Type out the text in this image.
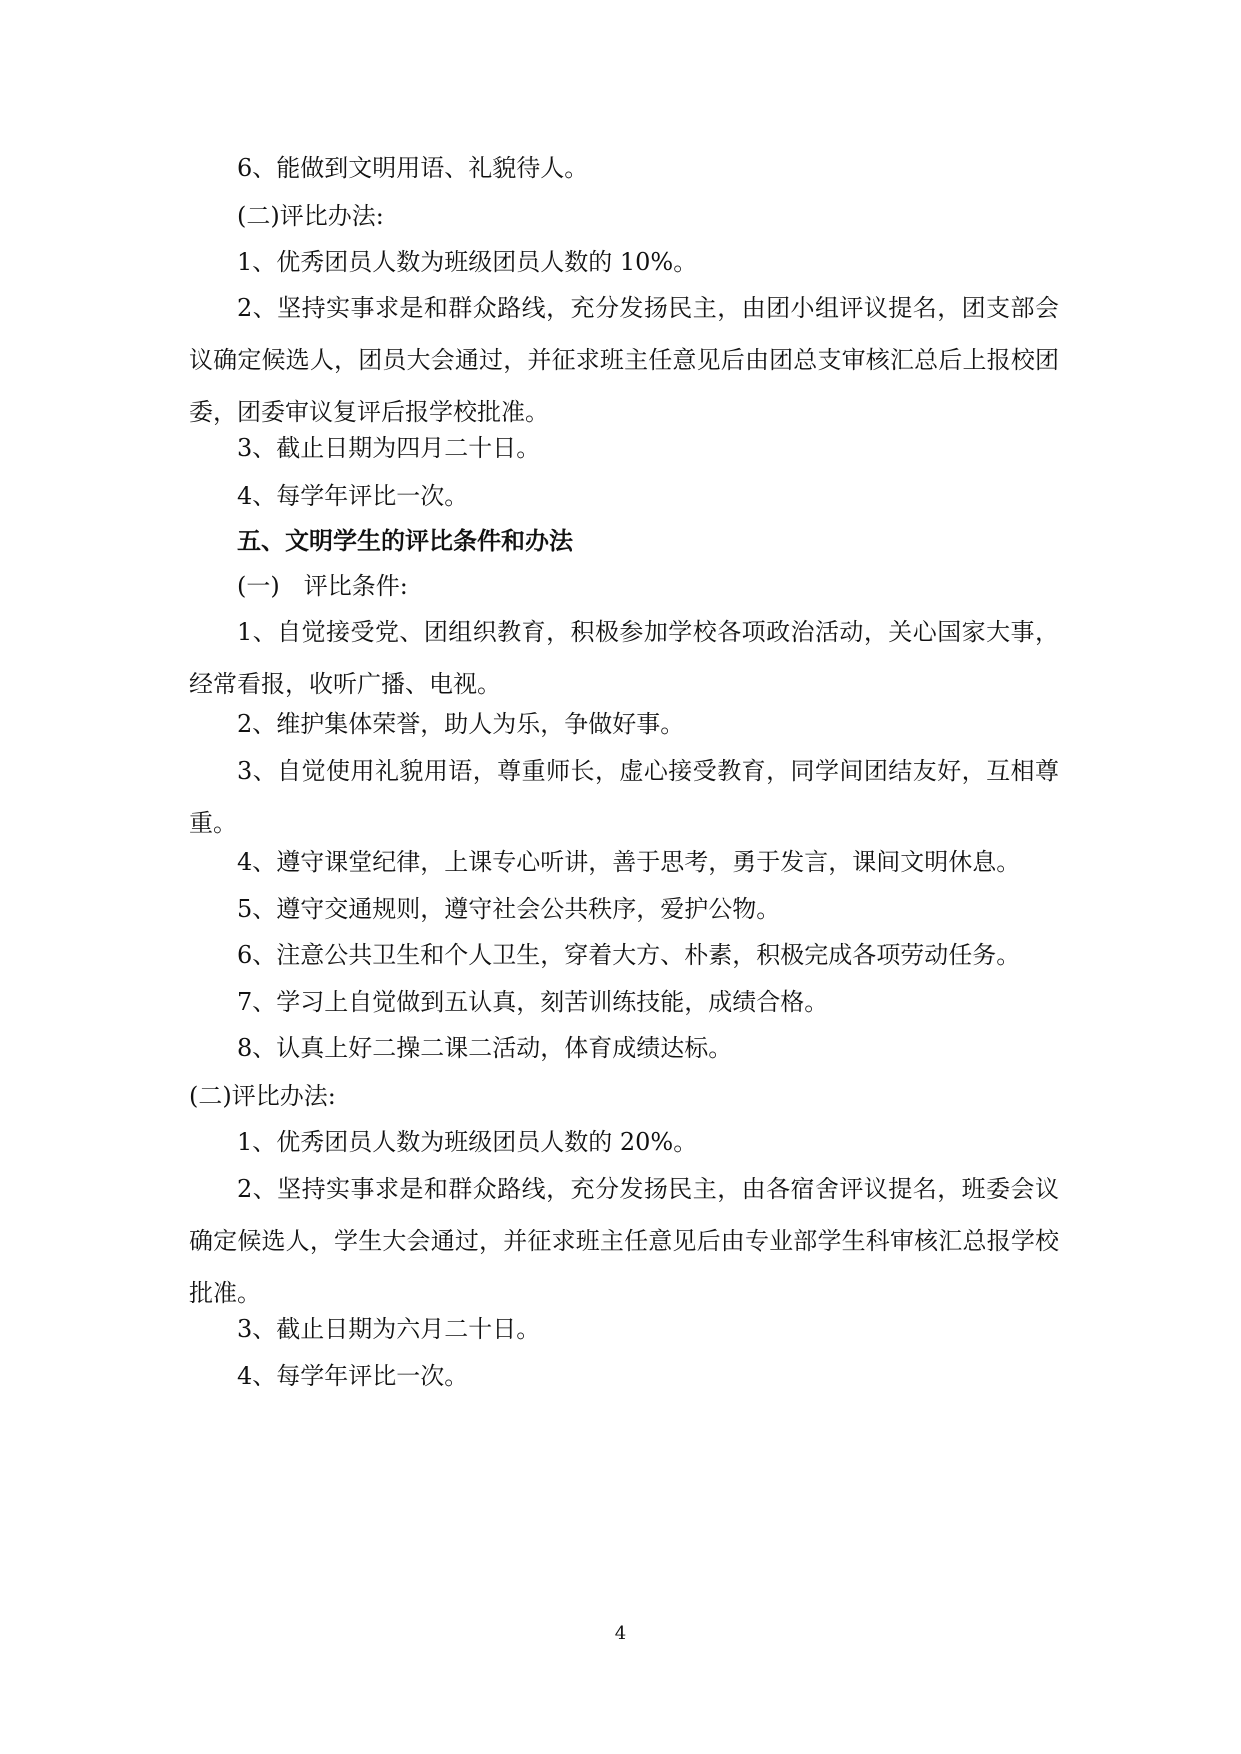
6、能做到文明用语、礼貌待人。

(二)评比办法:

1、优秀团员人数为班级团员人数的 10%。

2、坚持实事求是和群众路线，充分发扬民主，由团小组评议提名，团支部会议确定候选人，团员大会通过，并征求班主任意见后由团总支审核汇总后上报校团委，团委审议复评后报学校批准。

3、截止日期为四月二十日。

4、每学年评比一次。

五、文明学生的评比条件和办法

(一)　评比条件:

1、自觉接受党、团组织教育，积极参加学校各项政治活动，关心国家大事，经常看报，收听广播、电视。

2、维护集体荣誉，助人为乐，争做好事。

3、自觉使用礼貌用语，尊重师长，虚心接受教育，同学间团结友好，互相尊重。

4、遵守课堂纪律，上课专心听讲，善于思考，勇于发言，课间文明休息。

5、遵守交通规则，遵守社会公共秩序，爱护公物。

6、注意公共卫生和个人卫生，穿着大方、朴素，积极完成各项劳动任务。

7、学习上自觉做到五认真，刻苦训练技能，成绩合格。

8、认真上好二操二课二活动，体育成绩达标。

(二)评比办法:

1、优秀团员人数为班级团员人数的 20%。

2、坚持实事求是和群众路线，充分发扬民主，由各宿舍评议提名，班委会议确定候选人，学生大会通过，并征求班主任意见后由专业部学生科审核汇总报学校批准。

3、截止日期为六月二十日。

4、每学年评比一次。

4
